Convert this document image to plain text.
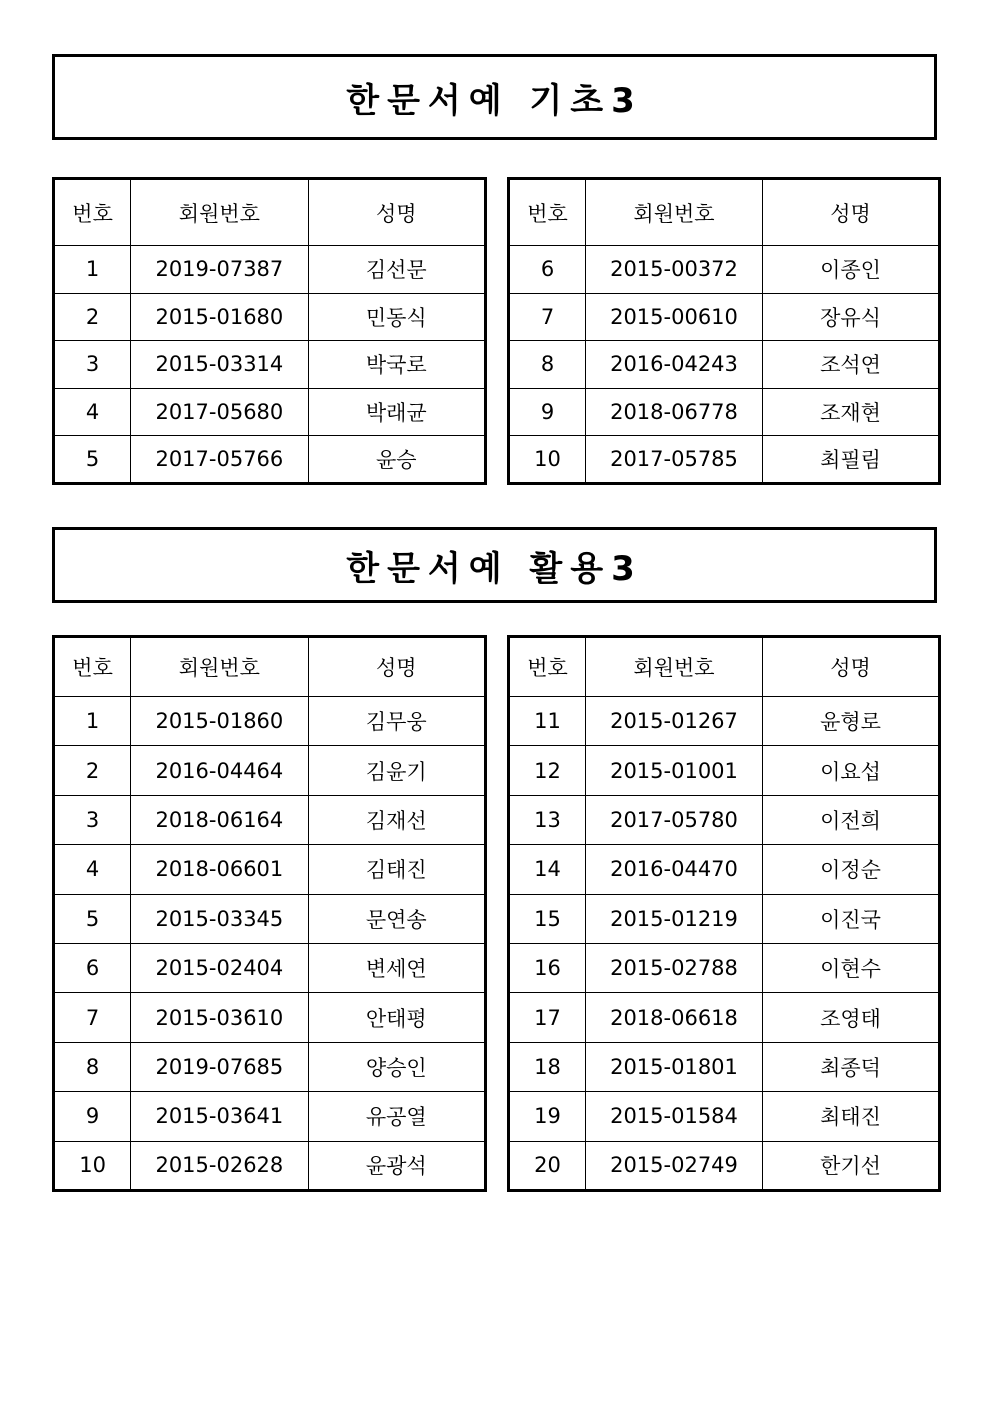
한문서예 기초3
번호	회원번호	성명
1	2019-07387	김선문
2	2015-01680	민동식
3	2015-03314	박국로
4	2017-05680	박래균
5	2017-05766	윤승
번호	회원번호	성명
6	2015-00372	이종인
7	2015-00610	장유식
8	2016-04243	조석연
9	2018-06778	조재현
10	2017-05785	최필림
한문서예 활용3
번호	회원번호	성명
1	2015-01860	김무웅
2	2016-04464	김윤기
3	2018-06164	김재선
4	2018-06601	김태진
5	2015-03345	문연송
6	2015-02404	변세연
7	2015-03610	안태평
8	2019-07685	양승인
9	2015-03641	유공열
10	2015-02628	윤광석
번호	회원번호	성명
11	2015-01267	윤형로
12	2015-01001	이요섭
13	2017-05780	이전희
14	2016-04470	이정순
15	2015-01219	이진국
16	2015-02788	이현수
17	2018-06618	조영태
18	2015-01801	최종덕
19	2015-01584	최태진
20	2015-02749	한기선
